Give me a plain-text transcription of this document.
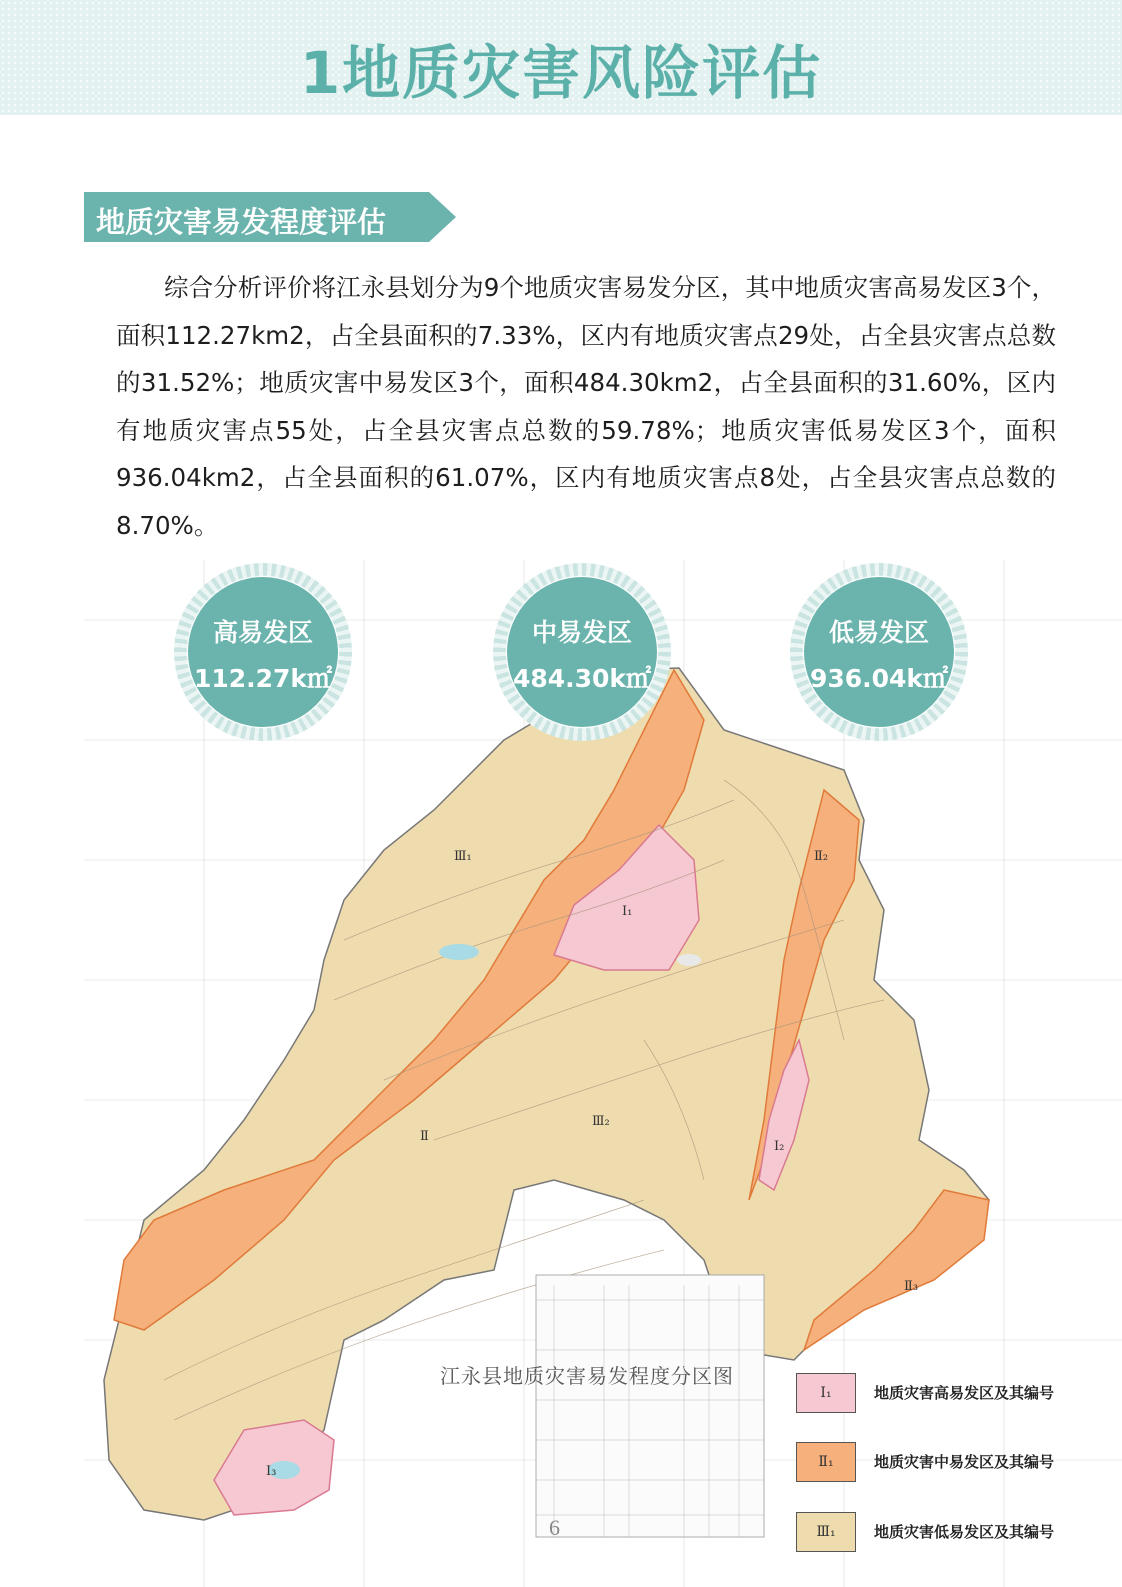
1地质灾害风险评估
地质灾害易发程度评估
综合分析评价将江永县划分为9个地质灾害易发分区，其中地质灾害高易发区3个，面积112.27km2，占全县面积的7.33%，区内有地质灾害点29处，占全县灾害点总数的31.52%；地质灾害中易发区3个，面积484.30km2，占全县面积的31.60%，区内有地质灾害点55处，占全县灾害点总数的59.78%；地质灾害低易发区3个，面积936.04km2，占全县面积的61.07%，区内有地质灾害点8处，占全县灾害点总数的8.70%。
Ⅰ₁
Ⅰ₂
Ⅰ₃
Ⅱ
Ⅱ₂
Ⅱ₃
Ⅲ₁
Ⅲ₂
高易发区
112.27k㎡
中易发区
484.30k㎡
低易发区
936.04k㎡
江永县地质灾害易发程度分区图
Ⅰ₁	地质灾害高易发区及其编号
Ⅱ₁	地质灾害中易发区及其编号
Ⅲ₁	地质灾害低易发区及其编号
6
